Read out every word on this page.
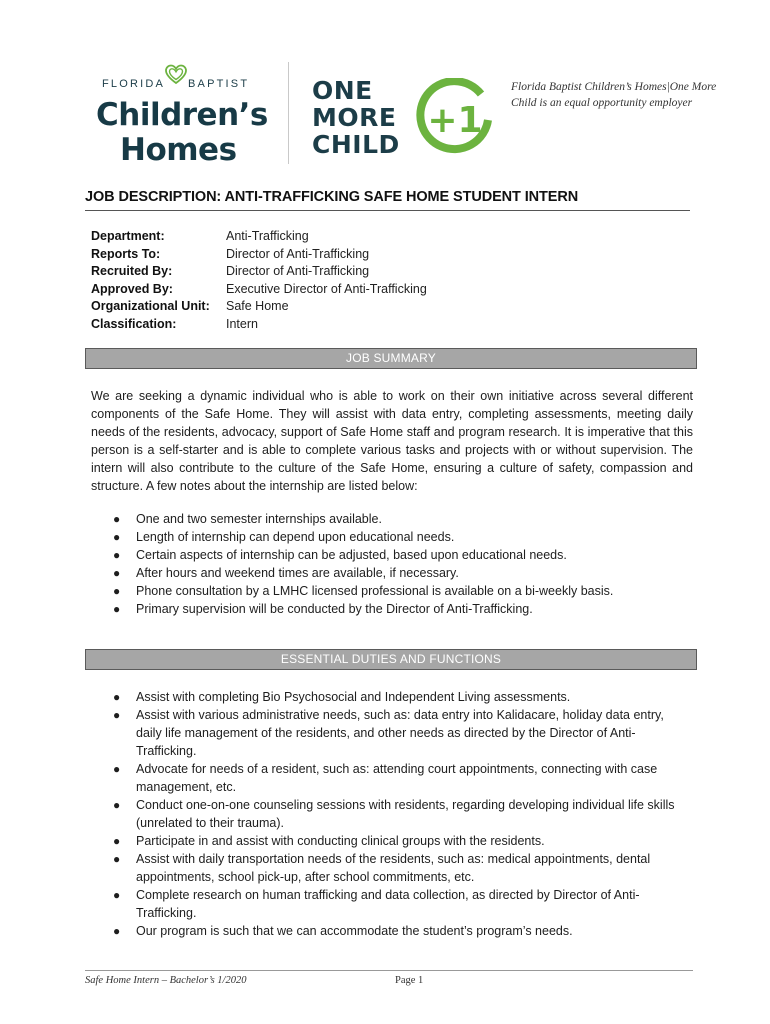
FLORIDA BAPTIST
Children’s
Homes
ONE
MORE
CHILD
+1
Florida Baptist Children’s Homes|One More Child is an equal opportunity employer
JOB DESCRIPTION: ANTI-TRAFFICKING SAFE HOME STUDENT INTERN
Department:	Anti-Trafficking
Reports To:	Director of Anti-Trafficking
Recruited By:	Director of Anti-Trafficking
Approved By:	Executive Director of Anti-Trafficking
Organizational Unit: Safe Home
Classification:	Intern
JOB SUMMARY
We are seeking a dynamic individual who is able to work on their own initiative across several different components of the Safe Home. They will assist with data entry, completing assessments, meeting daily needs of the residents, advocacy, support of Safe Home staff and program research. It is imperative that this person is a self-starter and is able to complete various tasks and projects with or without supervision. The intern will also contribute to the culture of the Safe Home, ensuring a culture of safety, compassion and structure. A few notes about the internship are listed below:
● One and two semester internships available.
● Length of internship can depend upon educational needs.
● Certain aspects of internship can be adjusted, based upon educational needs.
● After hours and weekend times are available, if necessary.
● Phone consultation by a LMHC licensed professional is available on a bi-weekly basis.
● Primary supervision will be conducted by the Director of Anti-Trafficking.
ESSENTIAL DUTIES AND FUNCTIONS
● Assist with completing Bio Psychosocial and Independent Living assessments.
● Assist with various administrative needs, such as: data entry into Kalidacare, holiday data entry, daily life management of the residents, and other needs as directed by the Director of Anti-Trafficking.
● Advocate for needs of a resident, such as: attending court appointments, connecting with case management, etc.
● Conduct one-on-one counseling sessions with residents, regarding developing individual life skills (unrelated to their trauma).
● Participate in and assist with conducting clinical groups with the residents.
● Assist with daily transportation needs of the residents, such as: medical appointments, dental appointments, school pick-up, after school commitments, etc.
● Complete research on human trafficking and data collection, as directed by Director of Anti-Trafficking.
● Our program is such that we can accommodate the student’s program’s needs.
Safe Home Intern – Bachelor’s 1/2020	Page 1
